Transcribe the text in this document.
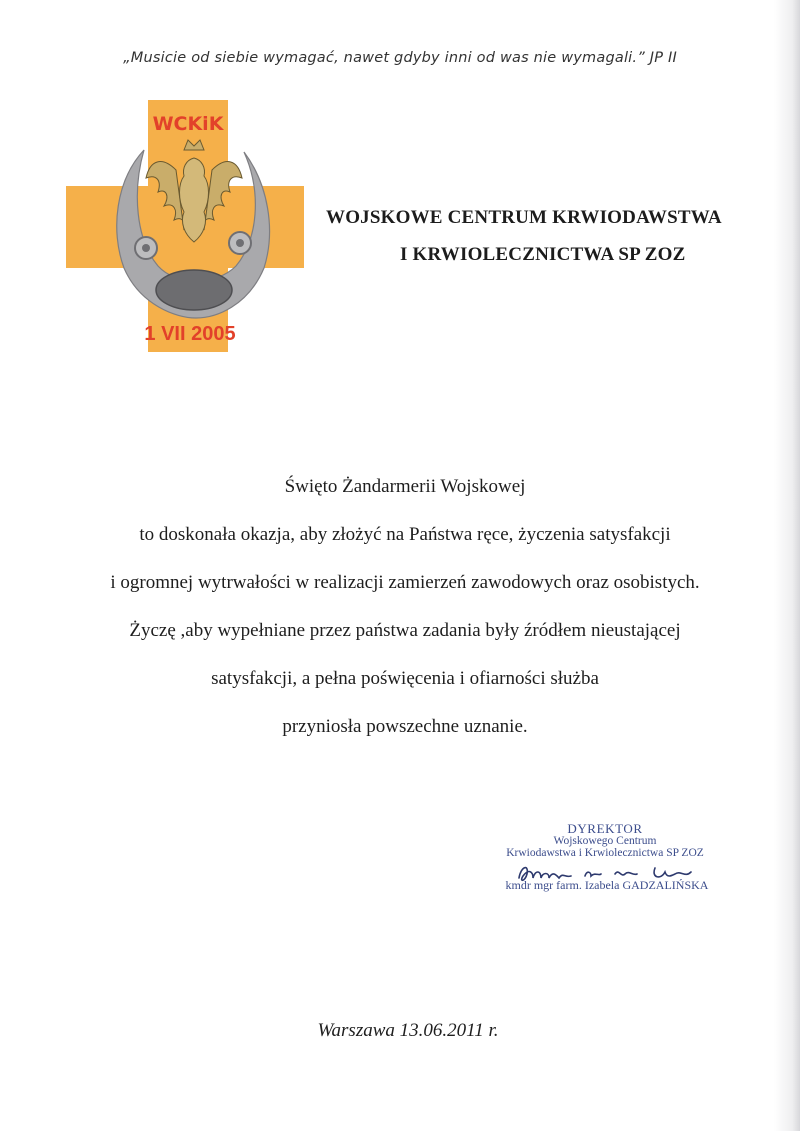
„Musicie od siebie wymagać, nawet gdyby inni od was nie wymagali.” JP II
WCKiK
1 VII 2005
WOJSKOWE CENTRUM KRWIODAWSTWA
I KRWIOLECZNICTWA SP ZOZ
Święto Żandarmerii Wojskowej
to doskonała okazja, aby złożyć na Państwa ręce, życzenia satysfakcji
i ogromnej wytrwałości w realizacji zamierzeń zawodowych oraz osobistych.
Życzę ,aby wypełniane przez państwa zadania były źródłem nieustającej
satysfakcji, a pełna poświęcenia i ofiarności służba
przyniosła powszechne uznanie.
DYREKTOR
Wojskowego Centrum
Krwiodawstwa i Krwiolecznictwa SP ZOZ
kmdr mgr farm. Izabela GADZALIŃSKA
Warszawa 13.06.2011 r.
